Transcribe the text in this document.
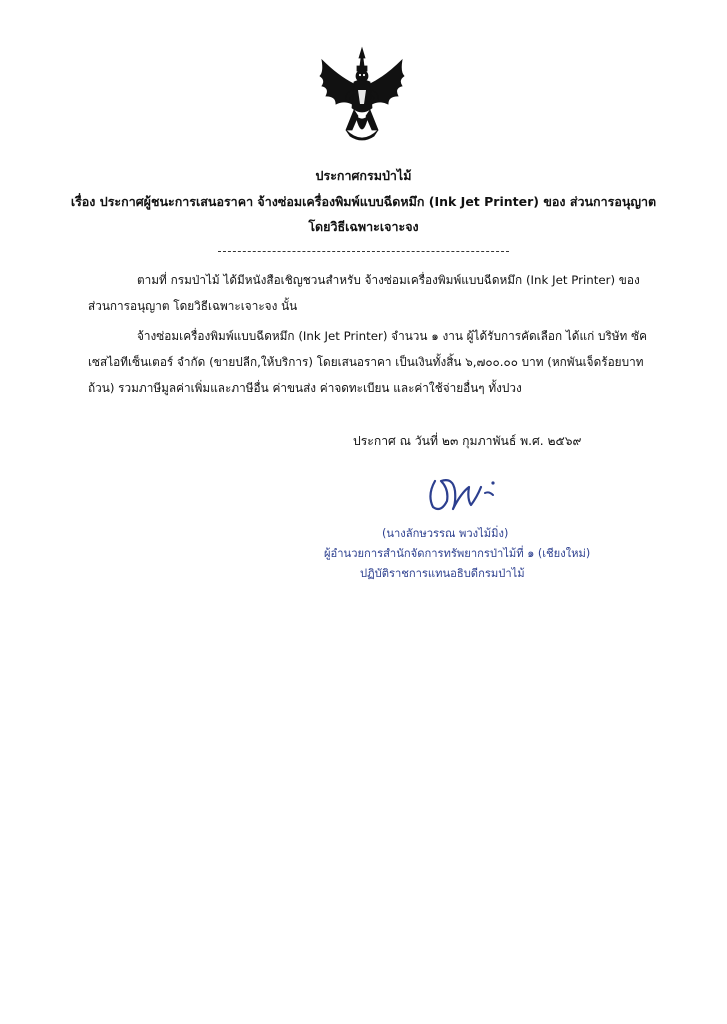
ประกาศกรมป่าไม้
เรื่อง ประกาศผู้ชนะการเสนอราคา จ้างซ่อมเครื่องพิมพ์แบบฉีดหมึก (Ink Jet Printer) ของ ส่วนการอนุญาต
โดยวิธีเฉพาะเจาะจง
ตามที่ กรมป่าไม้ ได้มีหนังสือเชิญชวนสำหรับ จ้างซ่อมเครื่องพิมพ์แบบฉีดหมึก (Ink Jet Printer) ของ
ส่วนการอนุญาต โดยวิธีเฉพาะเจาะจง นั้น
จ้างซ่อมเครื่องพิมพ์แบบฉีดหมึก (Ink Jet Printer) จำนวน ๑ งาน ผู้ได้รับการคัดเลือก ได้แก่ บริษัท ซัค
เซสไอทีเซ็นเตอร์ จำกัด (ขายปลีก,ให้บริการ) โดยเสนอราคา เป็นเงินทั้งสิ้น ๖,๗๐๐.๐๐ บาท (หกพันเจ็ดร้อยบาท
ถ้วน) รวมภาษีมูลค่าเพิ่มและภาษีอื่น ค่าขนส่ง ค่าจดทะเบียน และค่าใช้จ่ายอื่นๆ ทั้งปวง
ประกาศ ณ วันที่ ๒๓ กุมภาพันธ์ พ.ศ. ๒๕๖๙
(นางลักษวรรณ พวงไม้มิ่ง)
ผู้อำนวยการสำนักจัดการทรัพยากรป่าไม้ที่ ๑ (เชียงใหม่)
ปฏิบัติราชการแทนอธิบดีกรมป่าไม้
